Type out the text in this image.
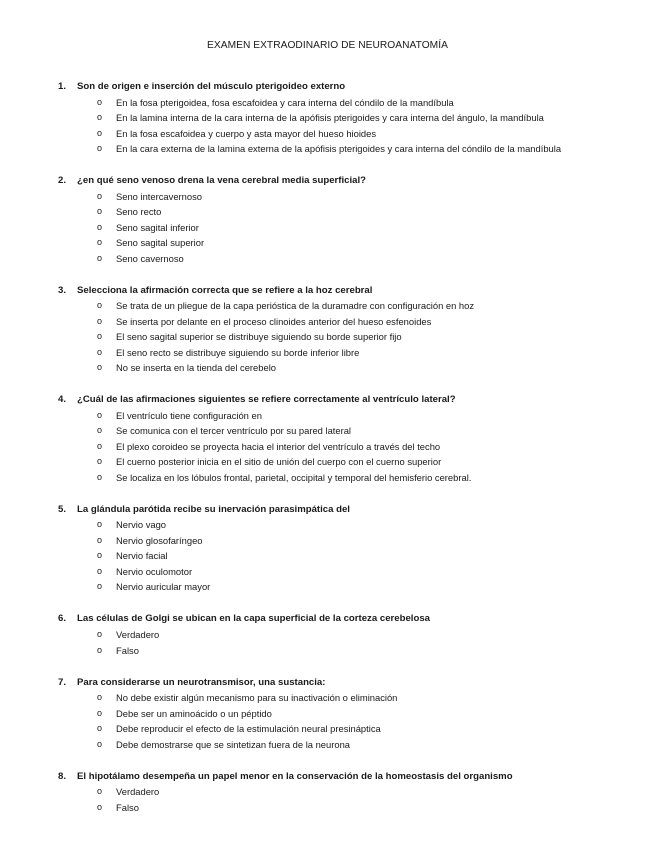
EXAMEN EXTRAODINARIO DE NEUROANATOMÍA
1. Son de origen e inserción del músculo pterigoideo externo
o En la fosa pterigoidea, fosa escafoidea y cara interna del cóndilo de la mandíbula
o En la lamina interna de la cara interna de la apófisis pterigoides y cara interna del ángulo, la mandíbula
o En la fosa escafoidea y cuerpo y asta mayor del hueso hioides
o En la cara externa de la lamina externa de la apófisis pterigoides y cara interna del cóndilo de la mandíbula
2. ¿en qué seno venoso drena la vena cerebral media superficial?
o Seno intercavernoso
o Seno recto
o Seno sagital inferior
o Seno sagital superior
o Seno cavernoso
3. Selecciona la afirmación correcta que se refiere a la hoz cerebral
o Se trata de un pliegue de la capa perióstica de la duramadre con configuración en hoz
o Se inserta por delante en el proceso clinoides anterior del hueso esfenoides
o El seno sagital superior se distribuye siguiendo su borde superior fijo
o El seno recto se distribuye siguiendo su borde inferior libre
o No se inserta en la tienda del cerebelo
4. ¿Cuál de las afirmaciones siguientes se refiere correctamente al ventrículo lateral?
o El ventrículo tiene configuración en
o Se comunica con el tercer ventrículo por su pared lateral
o El plexo coroideo se proyecta hacia el interior del ventrículo a través del techo
o El cuerno posterior inicia en el sitio de unión del cuerpo con el cuerno superior
o Se localiza en los lóbulos frontal, parietal, occipital y temporal del hemisferio cerebral.
5. La glándula parótida recibe su inervación parasimpática del
o Nervio vago
o Nervio glosofaríngeo
o Nervio facial
o Nervio oculomotor
o Nervio auricular mayor
6. Las células de Golgi se ubican en la capa superficial de la corteza cerebelosa
o Verdadero
o Falso
7. Para considerarse un neurotransmisor, una sustancia:
o No debe existir algún mecanismo para su inactivación o eliminación
o Debe ser un aminoácido o un péptido
o Debe reproducir el efecto de la estimulación neural presináptica
o Debe demostrarse que se sintetizan fuera de la neurona
8. El hipotálamo desempeña un papel menor en la conservación de la homeostasis del organismo
o Verdadero
o Falso
